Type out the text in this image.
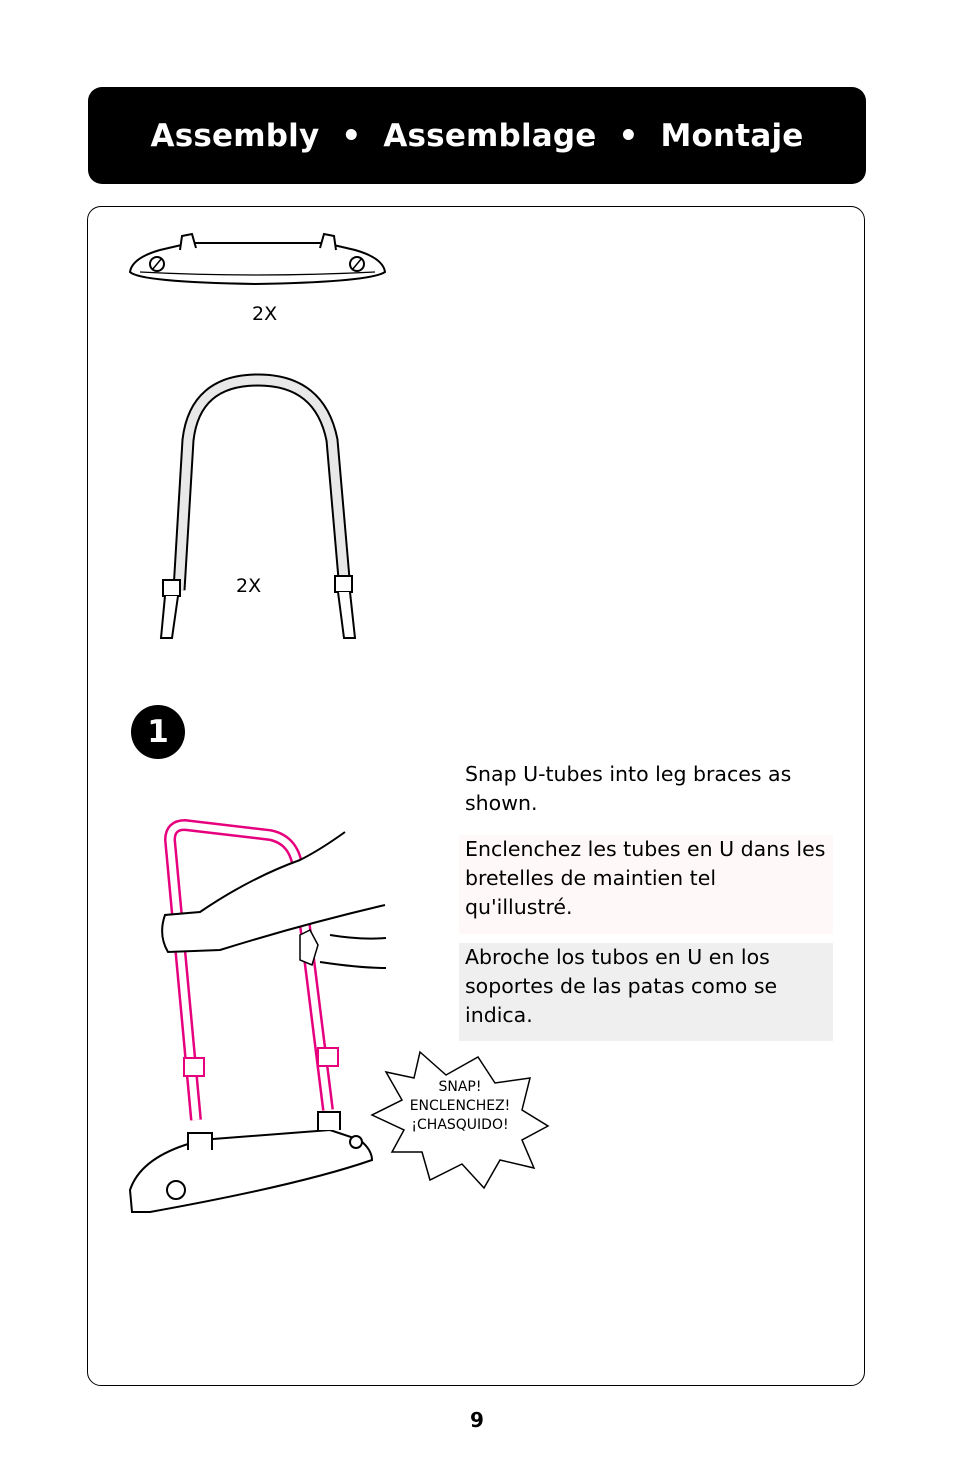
Assembly  •  Assemblage  •  Montaje
2X
2X
1
Snap U-tubes into leg braces as shown.
Enclenchez les tubes en U dans les bretelles de maintien tel qu'illustré.
Abroche los tubos en U en los soportes de las patas como se indica.
SNAP!
ENCLENCHEZ!
¡CHASQUIDO!
9
